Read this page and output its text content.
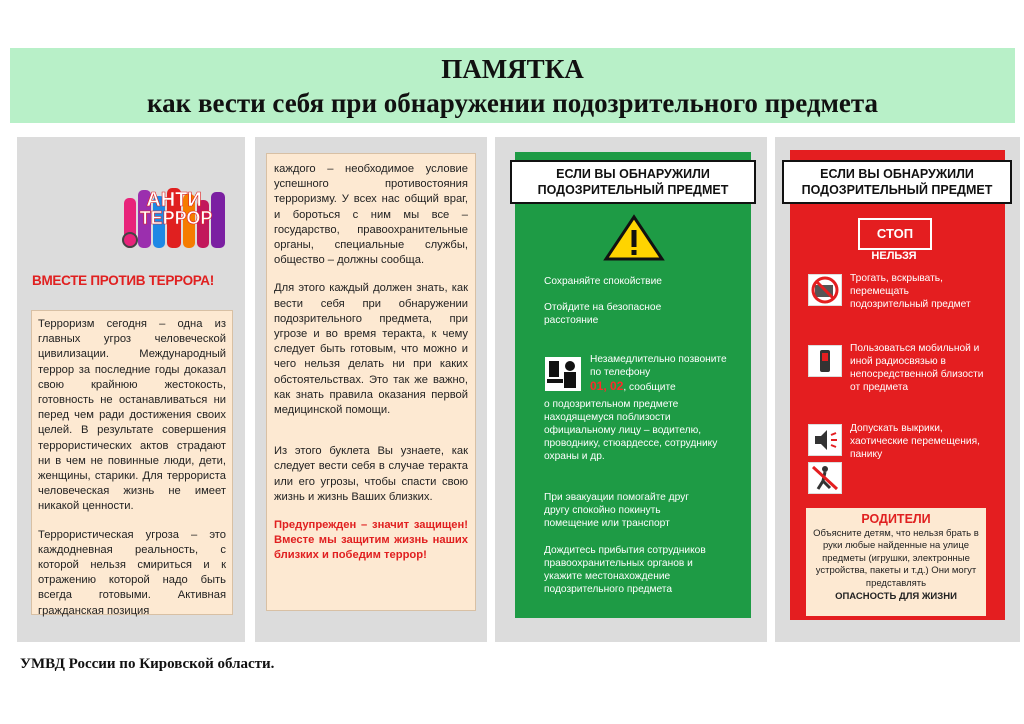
ПАМЯТКА
как вести себя при обнаружении подозрительного предмета
АНТИ
ТЕРРОР
ВМЕСТЕ ПРОТИВ ТЕРРОРА!

Терроризм сегодня – одна из главных угроз человеческой цивилизации. Международный террор за последние годы доказал свою крайнюю жестокость, готовность не останавливаться ни перед чем ради достижения своих целей. В результате совершения террористических актов страдают ни в чем не повинные люди, дети, женщины, старики. Для террориста человеческая жизнь не имеет никакой ценности.

Террористическая угроза – это каждодневная реальность, с которой нельзя смириться и к отражению которой надо быть всегда готовыми. Активная гражданская позиция

каждого – необходимое условие успешного противостояния терроризму. У всех нас общий враг, и бороться с ним мы все – государство, правоохранительные органы, специальные службы, общество – должны сообща.

Для этого каждый должен знать, как вести себя при обнаружении подозрительного предмета, при угрозе и во время теракта, к чему следует быть готовым, что можно и чего нельзя делать ни при каких обстоятельствах. Это так же важно, как знать правила оказания первой медицинской помощи.

Из этого буклета Вы узнаете, как следует вести себя в случае теракта или его угрозы, чтобы спасти свою жизнь и жизнь Ваших близких.

Предупрежден – значит защищен! Вместе мы защитим жизнь наших близких и победим террор!

ЕСЛИ ВЫ ОБНАРУЖИЛИ ПОДОЗРИТЕЛЬНЫЙ ПРЕДМЕТ
Сохраняйте спокойствие
Отойдите на безопасное расстояние
Незамедлительно позвоните по телефону
01, 02, сообщите
о подозрительном предмете находящемуся поблизости официальному лицу – водителю, проводнику, стюардессе, сотруднику охраны и др.
При эвакуации помогайте друг другу спокойно покинуть помещение или транспорт
Дождитесь прибытия сотрудников правоохранительных органов и укажите местонахождение подозрительного предмета
ЕСЛИ ВЫ ОБНАРУЖИЛИ ПОДОЗРИТЕЛЬНЫЙ ПРЕДМЕТ
СТОП
НЕЛЬЗЯ
Трогать, вскрывать, перемещать подозрительный предмет
Пользоваться мобильной и иной радиосвязью в непосредственной близости от предмета
Допускать выкрики, хаотические перемещения, панику
РОДИТЕЛИ
Объясните детям, что нельзя брать в руки любые найденные на улице предметы (игрушки, электронные устройства, пакеты и т.д.) Они могут представлять
ОПАСНОСТЬ ДЛЯ ЖИЗНИ
УМВД России по Кировской области.
